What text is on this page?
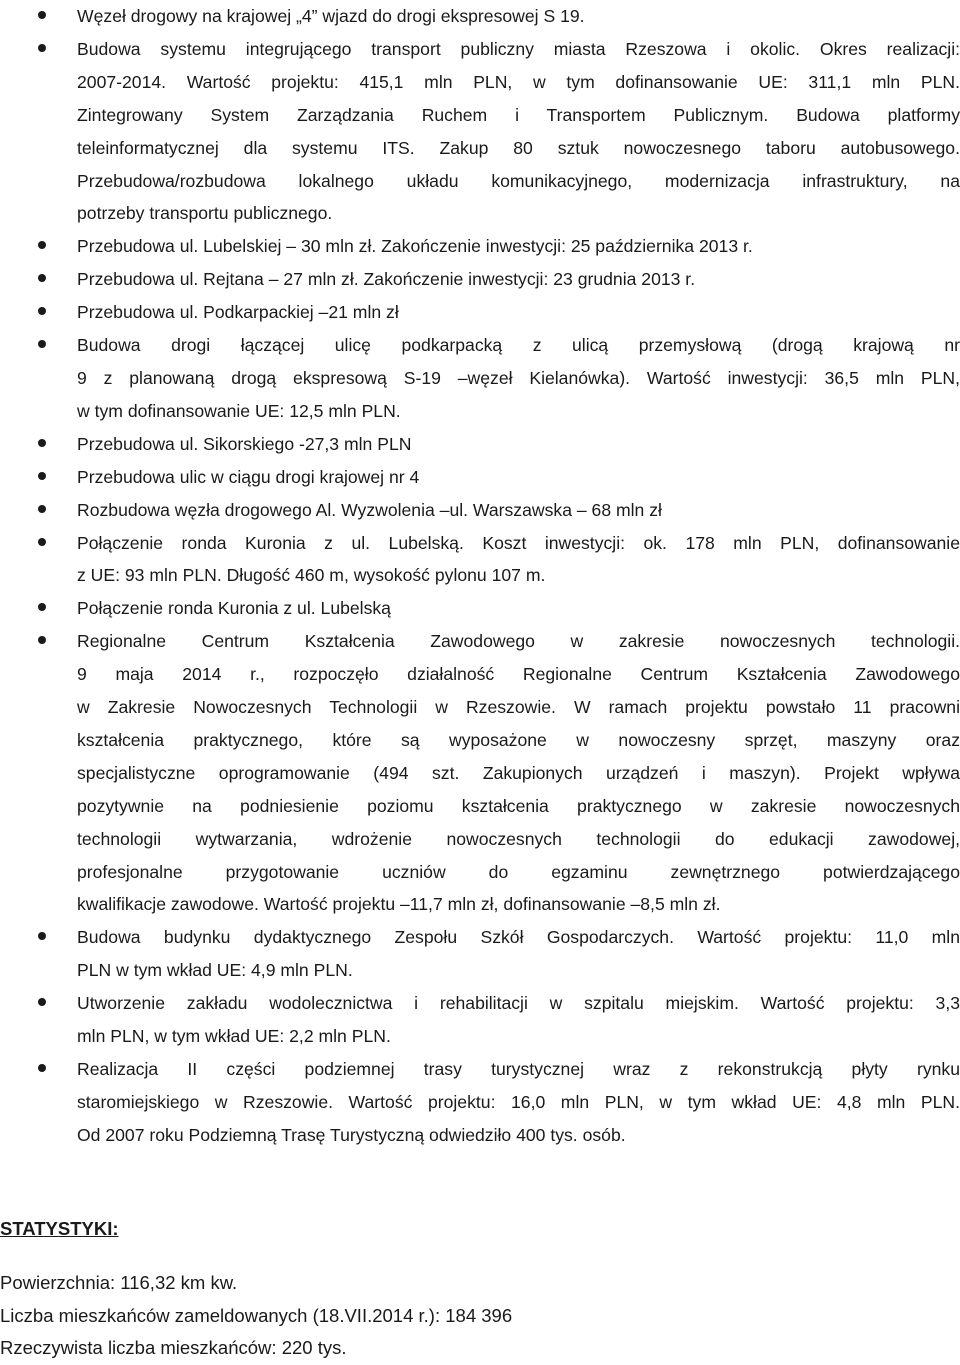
Węzeł drogowy na krajowej „4” wjazd do drogi ekspresowej S 19.
Budowa systemu integrującego transport publiczny miasta Rzeszowa i okolic. Okres realizacji:
2007-2014. Wartość projektu: 415,1 mln PLN, w tym dofinansowanie UE: 311,1 mln PLN.
Zintegrowany System Zarządzania Ruchem i Transportem Publicznym. Budowa platformy
teleinformatycznej dla systemu ITS. Zakup 80 sztuk nowoczesnego taboru autobusowego.
Przebudowa/rozbudowa lokalnego układu komunikacyjnego, modernizacja infrastruktury, na
potrzeby transportu publicznego.
Przebudowa ul. Lubelskiej – 30 mln zł. Zakończenie inwestycji: 25 października 2013 r.
Przebudowa ul. Rejtana – 27 mln zł. Zakończenie inwestycji: 23 grudnia 2013 r.
Przebudowa ul. Podkarpackiej –21 mln zł
Budowa drogi łączącej ulicę podkarpacką z ulicą przemysłową (drogą krajową nr
9 z planowaną drogą ekspresową S-19 –węzeł Kielanówka). Wartość inwestycji: 36,5 mln PLN,
w tym dofinansowanie UE: 12,5 mln PLN.
Przebudowa ul. Sikorskiego -27,3 mln PLN
Przebudowa ulic w ciągu drogi krajowej nr 4
Rozbudowa węzła drogowego Al. Wyzwolenia –ul. Warszawska – 68 mln zł
Połączenie ronda Kuronia z ul. Lubelską. Koszt inwestycji: ok. 178 mln PLN, dofinansowanie
z UE: 93 mln PLN. Długość 460 m, wysokość pylonu 107 m.
Połączenie ronda Kuronia z ul. Lubelską
Regionalne Centrum Kształcenia Zawodowego w zakresie nowoczesnych technologii.
9 maja 2014 r., rozpoczęło działalność Regionalne Centrum Kształcenia Zawodowego
w Zakresie Nowoczesnych Technologii w Rzeszowie. W ramach projektu powstało 11 pracowni
kształcenia praktycznego, które są wyposażone w nowoczesny sprzęt, maszyny oraz
specjalistyczne oprogramowanie (494 szt. Zakupionych urządzeń i maszyn). Projekt wpływa
pozytywnie na podniesienie poziomu kształcenia praktycznego w zakresie nowoczesnych
technologii wytwarzania, wdrożenie nowoczesnych technologii do edukacji zawodowej,
profesjonalne przygotowanie uczniów do egzaminu zewnętrznego potwierdzającego
kwalifikacje zawodowe. Wartość projektu –11,7 mln zł, dofinansowanie –8,5 mln zł.
Budowa budynku dydaktycznego Zespołu Szkół Gospodarczych. Wartość projektu: 11,0 mln
PLN w tym wkład UE: 4,9 mln PLN.
Utworzenie zakładu wodolecznictwa i rehabilitacji w szpitalu miejskim. Wartość projektu: 3,3
mln PLN, w tym wkład UE: 2,2 mln PLN.
Realizacja II części podziemnej trasy turystycznej wraz z rekonstrukcją płyty rynku
staromiejskiego w Rzeszowie. Wartość projektu: 16,0 mln PLN, w tym wkład UE: 4,8 mln PLN.
Od 2007 roku Podziemną Trasę Turystyczną odwiedziło 400 tys. osób.
STATYSTYKI:
Powierzchnia: 116,32 km kw.
Liczba mieszkańców zameldowanych (18.VII.2014 r.): 184 396
Rzeczywista liczba mieszkańców: 220 tys.
